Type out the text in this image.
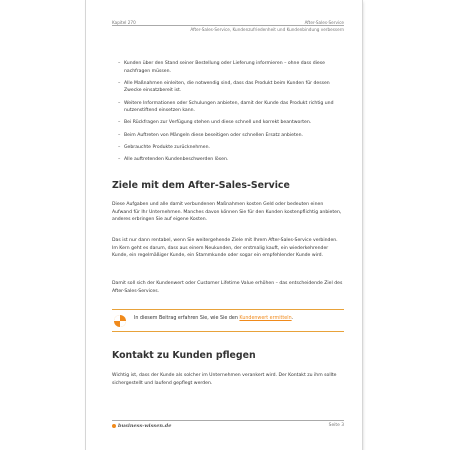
Kapitel 270	After-Sales-Service
After-Sales-Service, Kundenzufriedenheit und Kundenbindung verbessern
– Kunden über den Stand seiner Bestellung oder Lieferung informieren – ohne dass diese nachfragen müssen.
– Alle Maßnahmen einleiten, die notwendig sind, dass das Produkt beim Kunden für dessen Zwecke einsatzbereit ist.
– Weitere Informationen oder Schulungen anbieten, damit der Kunde das Produkt richtig und nutzenstiftend einsetzen kann.
– Bei Rückfragen zur Verfügung stehen und diese schnell und korrekt beantworten.
– Beim Auftreten von Mängeln diese beseitigen oder schnellen Ersatz anbieten.
– Gebrauchte Produkte zurücknehmen.
– Alle auftretenden Kundenbeschwerden lösen.
Ziele mit dem After-Sales-Service

Diese Aufgaben und alle damit verbundenen Maßnahmen kosten Geld oder bedeuten einen Aufwand für Ihr Unternehmen. Manches davon können Sie für den Kunden kostenpflichtig anbieten, anderes erbringen Sie auf eigene Kosten.

Das ist nur dann rentabel, wenn Sie weitergehende Ziele mit Ihrem After-Sales-Service verbinden. Im Kern geht es darum, dass aus einem Neukunden, der erstmalig kauft, ein wiederkehrender Kunde, ein regelmäßiger Kunde, ein Stammkunde oder sogar ein empfehlender Kunde wird.

Damit soll sich der Kundenwert oder Customer Lifetime Value erhöhen – das entscheidende Ziel des After-Sales-Services.

In diesem Beitrag erfahren Sie, wie Sie den Kundenwert ermitteln.
Kontakt zu Kunden pflegen

Wichtig ist, dass der Kunde als solcher im Unternehmen verankert wird. Der Kontakt zu ihm sollte sichergestellt und laufend gepflegt werden.

business-wissen.de	Seite 3
